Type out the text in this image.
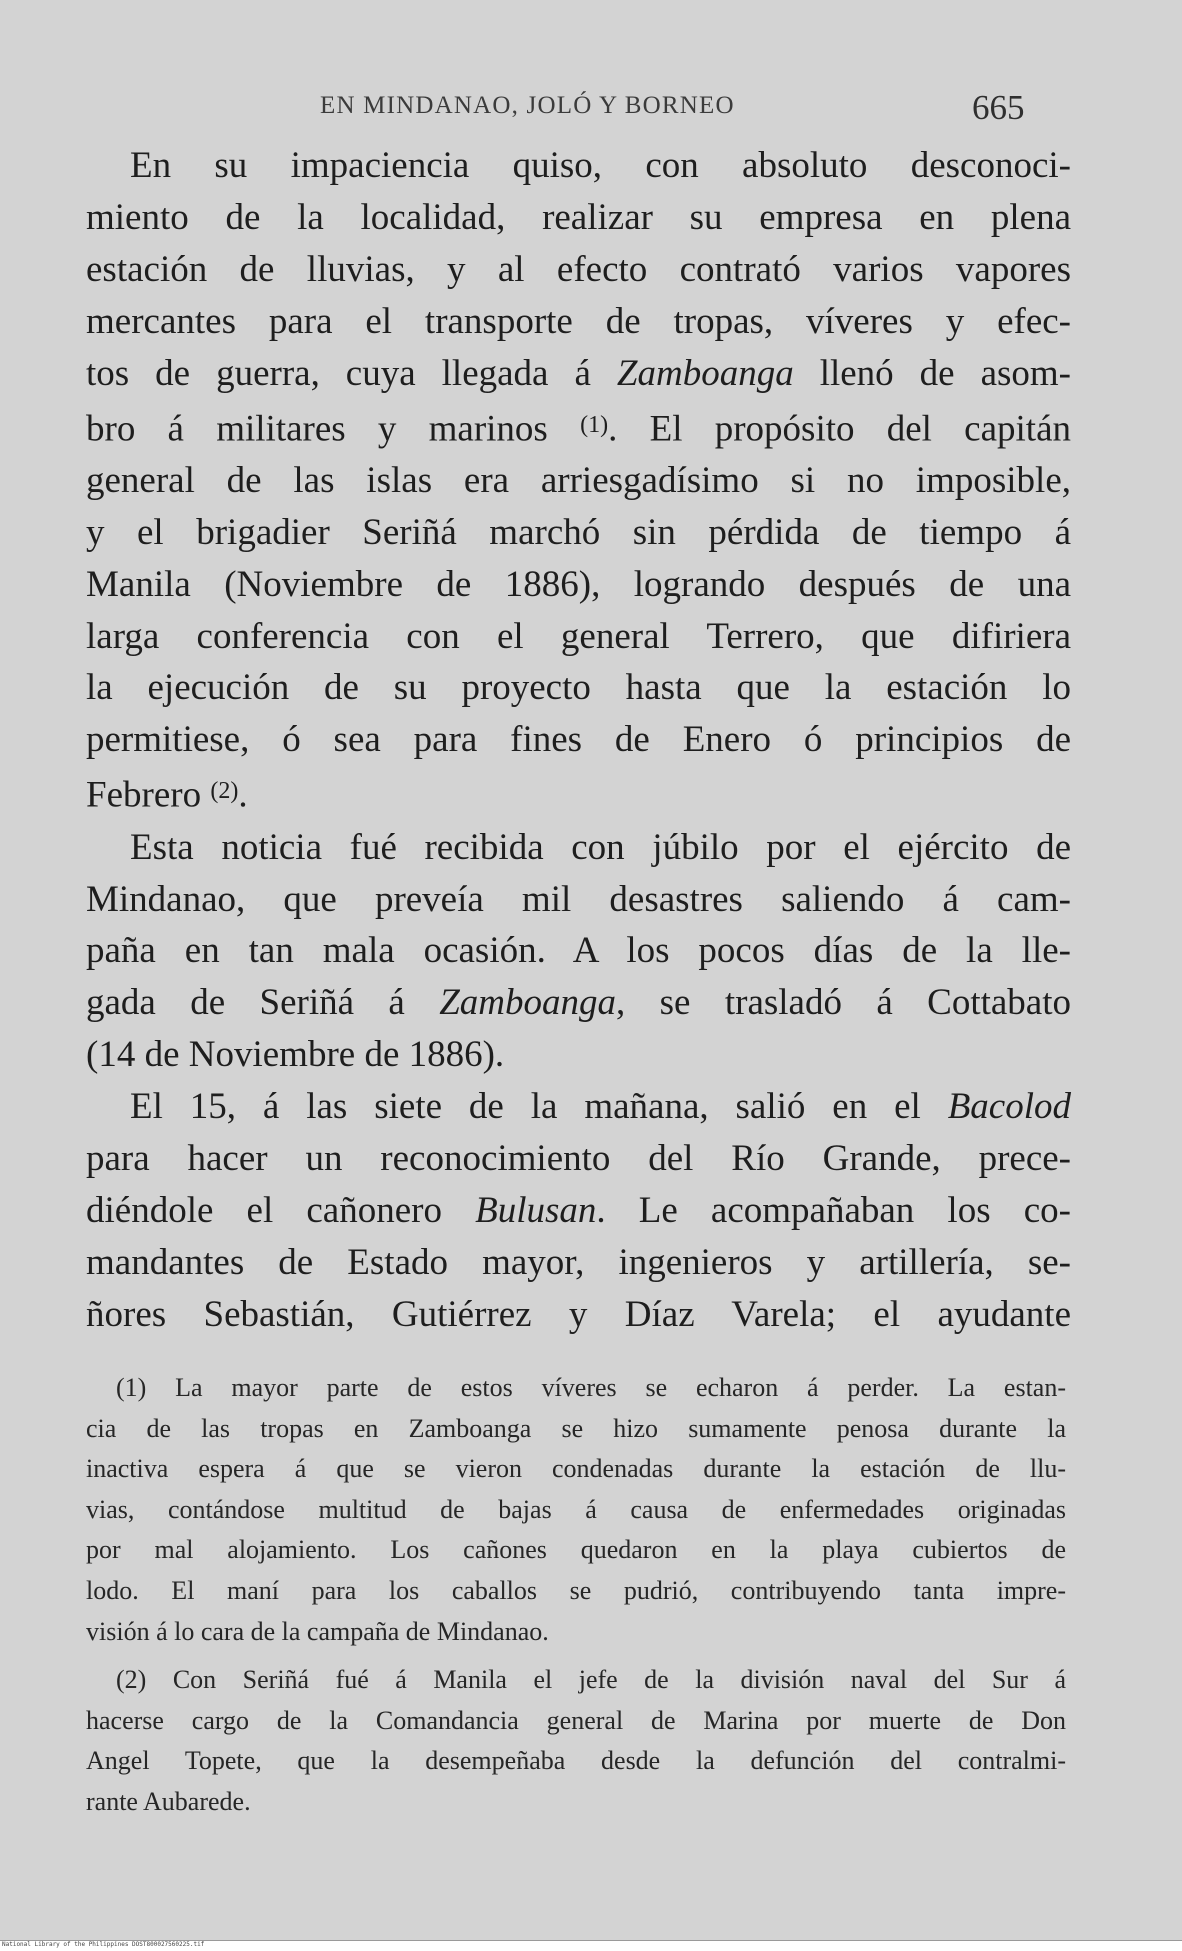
EN MINDANAO, JOLÓ Y BORNEO	665
En su impaciencia quiso, con absoluto desconoci-
miento de la localidad, realizar su empresa en plena
estación de lluvias, y al efecto contrató varios vapores
mercantes para el transporte de tropas, víveres y efec-
tos de guerra, cuya llegada á Zamboanga llenó de asom-
bro á militares y marinos $^{(1)}$. El propósito del capitán
general de las islas era arriesgadísimo si no imposible,
y el brigadier Seriñá marchó sin pérdida de tiempo á
Manila (Noviembre de 1886), logrando después de una
larga conferencia con el general Terrero, que difiriera
la ejecución de su proyecto hasta que la estación lo
permitiese, ó sea para fines de Enero ó principios de
Febrero $^{(2)}$.
Esta noticia fué recibida con júbilo por el ejército de
Mindanao, que preveía mil desastres saliendo á cam-
paña en tan mala ocasión. A los pocos días de la lle-
gada de Seriñá á Zamboanga, se trasladó á Cottabato
(14 de Noviembre de 1886).
El 15, á las siete de la mañana, salió en el Bacolod
para hacer un reconocimiento del Río Grande, prece-
diéndole el cañonero Bulusan. Le acompañaban los co-
mandantes de Estado mayor, ingenieros y artillería, se-
ñores Sebastián, Gutiérrez y Díaz Varela; el ayudante
(1) La mayor parte de estos víveres se echaron á perder. La estan-
cia de las tropas en Zamboanga se hizo sumamente penosa durante la
inactiva espera á que se vieron condenadas durante la estación de llu-
vias, contándose multitud de bajas á causa de enfermedades originadas
por mal alojamiento. Los cañones quedaron en la playa cubiertos de
lodo. El maní para los caballos se pudrió, contribuyendo tanta impre-
visión á lo cara de la campaña de Mindanao.
(2) Con Seriñá fué á Manila el jefe de la división naval del Sur á
hacerse cargo de la Comandancia general de Marina por muerte de Don
Angel Topete, que la desempeñaba desde la defunción del contralmi-
rante Aubarede.
National Library of the Philippines DOST800027560225.tif
